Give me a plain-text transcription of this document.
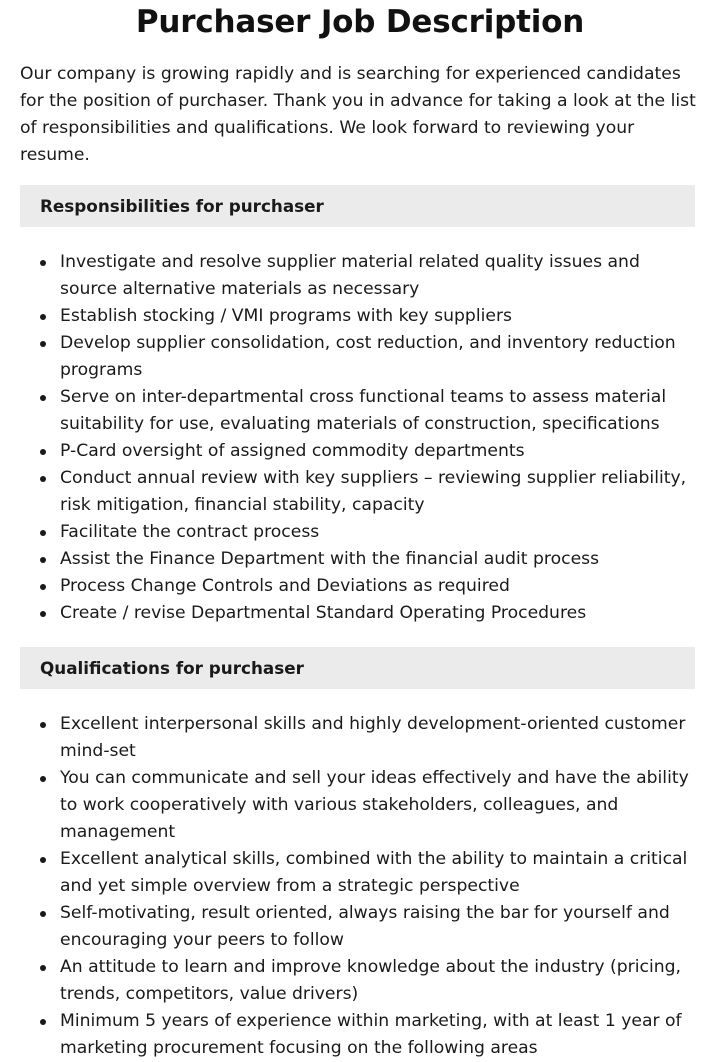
Purchaser Job Description

Our company is growing rapidly and is searching for experienced candidates for the position of purchaser. Thank you in advance for taking a look at the list of responsibilities and qualifications. We look forward to reviewing your resume.

Responsibilities for purchaser
Investigate and resolve supplier material related quality issues and source alternative materials as necessary
Establish stocking / VMI programs with key suppliers
Develop supplier consolidation, cost reduction, and inventory reduction programs
Serve on inter-departmental cross functional teams to assess material suitability for use, evaluating materials of construction, specifications
P-Card oversight of assigned commodity departments
Conduct annual review with key suppliers – reviewing supplier reliability, risk mitigation, financial stability, capacity
Facilitate the contract process
Assist the Finance Department with the financial audit process
Process Change Controls and Deviations as required
Create / revise Departmental Standard Operating Procedures
Qualifications for purchaser
Excellent interpersonal skills and highly development-oriented customer mind-set
You can communicate and sell your ideas effectively and have the ability to work cooperatively with various stakeholders, colleagues, and management
Excellent analytical skills, combined with the ability to maintain a critical and yet simple overview from a strategic perspective
Self-motivating, result oriented, always raising the bar for yourself and encouraging your peers to follow
An attitude to learn and improve knowledge about the industry (pricing, trends, competitors, value drivers)
Minimum 5 years of experience within marketing, with at least 1 year of marketing procurement focusing on the following areas
